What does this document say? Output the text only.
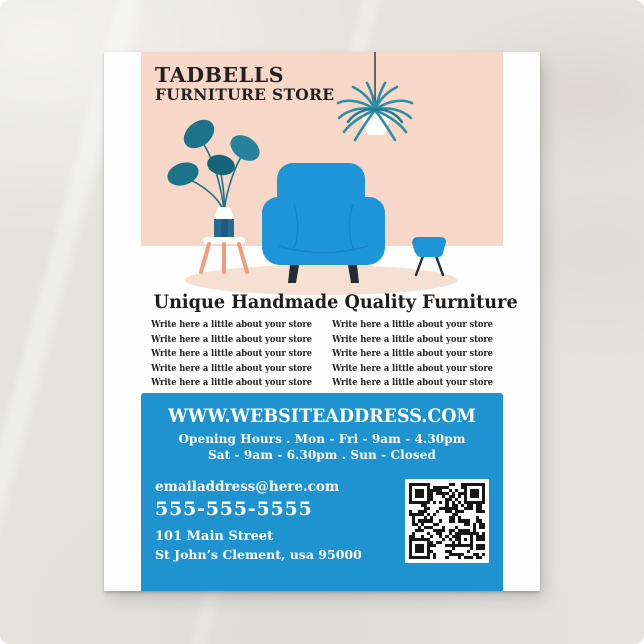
TADBELLS
FURNITURE STORE
Unique Handmade Quality Furniture
Write here a little about your store
Write here a little about your store
Write here a little about your store
Write here a little about your store
Write here a little about your store
Write here a little about your store
Write here a little about your store
Write here a little about your store
Write here a little about your store
Write here a little about your store
WWW.WEBSITEADDRESS.COM
Opening Hours . Mon - Fri - 9am - 4.30pm
Sat - 9am - 6.30pm . Sun - Closed
emailaddress@here.com
555-555-5555
101 Main Street
St John’s Clement, usa 95000
